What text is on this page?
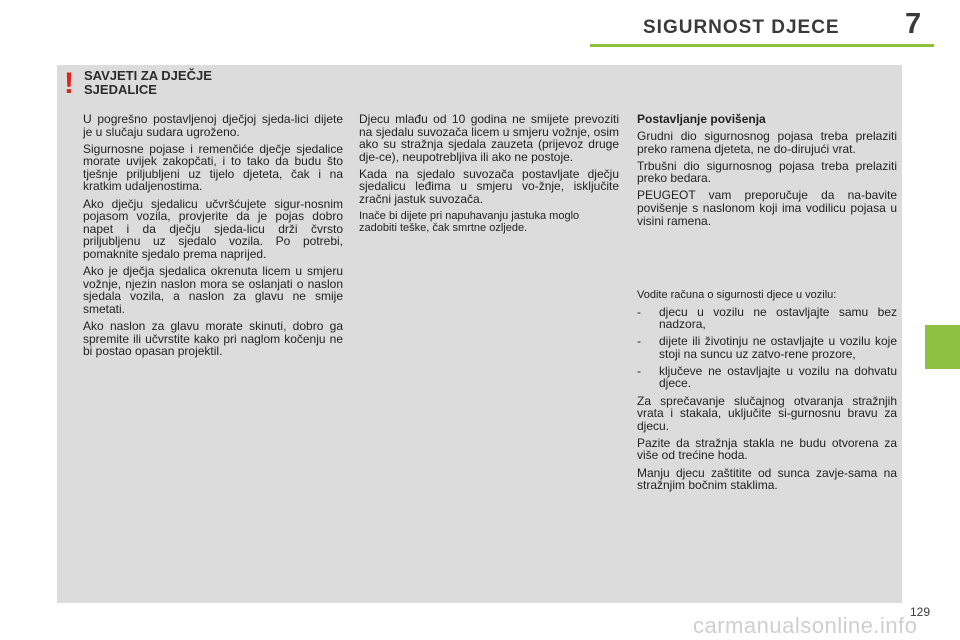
SIGURNOST DJECE 7
! SAVJETI ZA DJEČJE
SJEDALICE

U pogrešno postavljenoj dječjoj sjeda-lici dijete je u slučaju sudara ugroženo.

Sigurnosne pojase i remenčiće dječje sjedalice morate uvijek zakopčati, i to tako da budu što tješnje priljubljeni uz tijelo djeteta, čak i na kratkim udaljenostima.

Ako dječju sjedalicu učvršćujete sigur-nosnim pojasom vozila, provjerite da je pojas dobro napet i da dječju sjeda-licu drži čvrsto priljubljenu uz sjedalo vozila. Po potrebi, pomaknite sjedalo prema naprijed.

Ako je dječja sjedalica okrenuta licem u smjeru vožnje, njezin naslon mora se oslanjati o naslon sjedala vozila, a naslon za glavu ne smije smetati.

Ako naslon za glavu morate skinuti, dobro ga spremite ili učvrstite kako pri naglom kočenju ne bi postao opasan projektil.

Djecu mlađu od 10 godina ne smijete prevoziti na sjedalu suvozača licem u smjeru vožnje, osim ako su stražnja sjedala zauzeta (prijevoz druge dje-ce), neupotrebljiva ili ako ne postoje.

Kada na sjedalo suvozača postavljate dječju sjedalicu leđima u smjeru vo-žnje, isključite zračni jastuk suvozača.

Inače bi dijete pri napuhavanju jastuka moglo zadobiti teške, čak smrtne ozljede.

Postavljanje povišenja

Grudni dio sigurnosnog pojasa treba prelaziti preko ramena djeteta, ne do-dirujući vrat.

Trbušni dio sigurnosnog pojasa treba prelaziti preko bedara.

PEUGEOT vam preporučuje da na-bavite povišenje s naslonom koji ima vodilicu pojasa u visini ramena.

Vodite računa o sigurnosti djece u vozilu:

-	djecu u vozilu ne ostavljajte samu bez nadzora,
-	dijete ili životinju ne ostavljajte u vozilu koje stoji na suncu uz zatvo-rene prozore,
-	ključeve ne ostavljajte u vozilu na dohvatu djece.

Za sprečavanje slučajnog otvaranja stražnjih vrata i stakala, uključite si-gurnosnu bravu za djecu.

Pazite da stražnja stakla ne budu otvorena za više od trećine hoda.

Manju djecu zaštitite od sunca zavje-sama na stražnjim bočnim staklima.

129
carmanualsonline.info
